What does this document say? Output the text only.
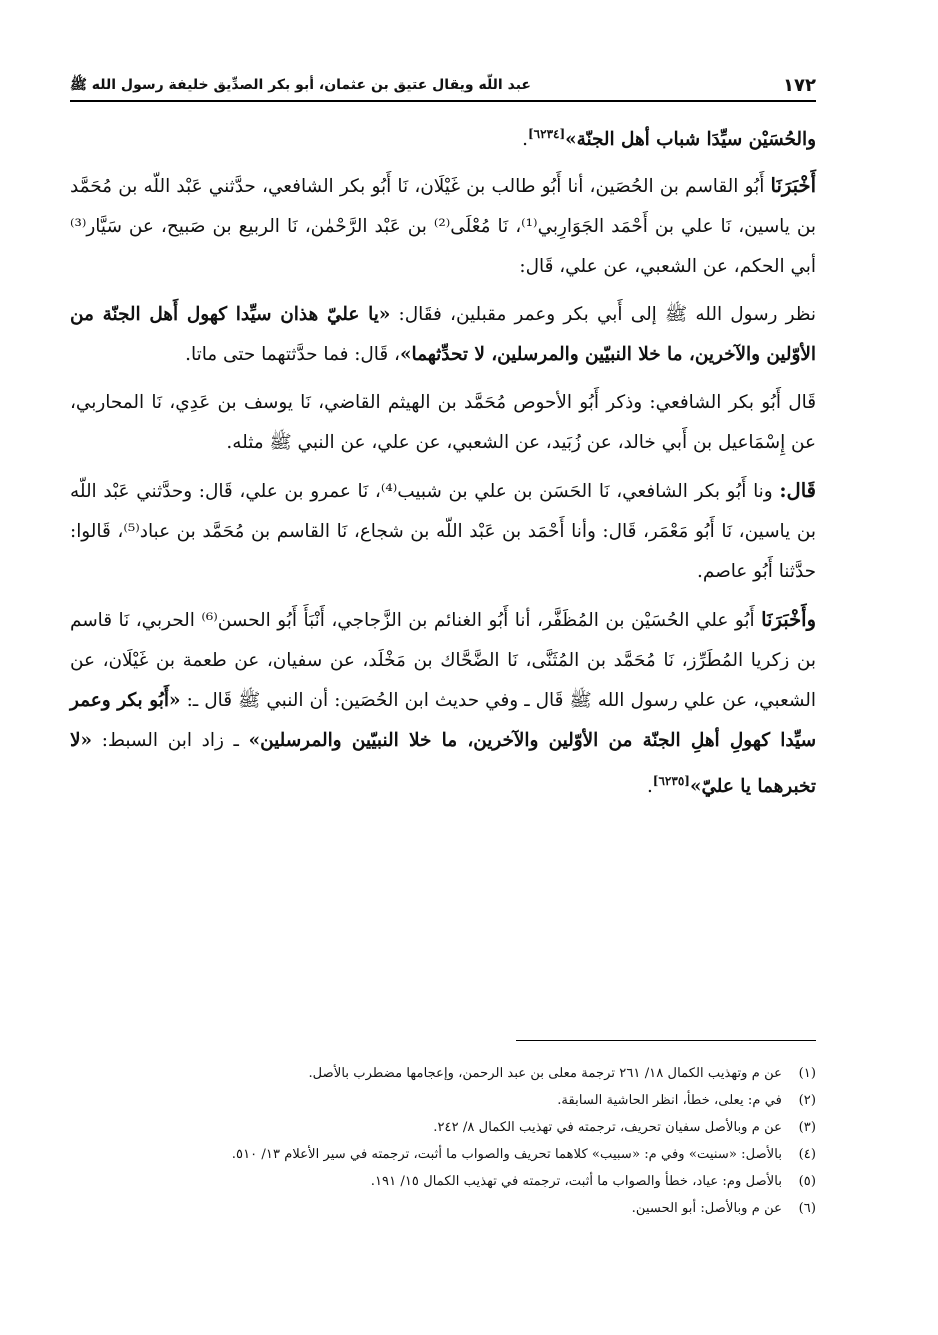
١٧٢
عبد اللّه ويقال عتيق بن عثمان، أبو بكر الصدِّيق خليفة رسول الله ﷺ

والحُسَيْن سيِّدَا شباب أهل الجنّة»[٦٢٣٤].

أَخْبَرَنَا أَبُو القاسم بن الحُصَين، أنا أَبُو طالب بن غَيْلَان، نَا أَبُو بكر الشافعي، حدَّثني عَبْد اللّه بن مُحَمَّد بن ياسين، نَا علي بن أَحْمَد الجَوَارِبي⁽¹⁾، نَا مُعْلَى⁽²⁾ بن عَبْد الرَّحْمٰن، نَا الربيع بن صَبيح، عن سَيَّار⁽³⁾ أبي الحكم، عن الشعبي، عن علي، قَال:

نظر رسول الله ﷺ إلى أَبي بكر وعمر مقبلين، فقَال: «يا عليّ هذان سيِّدا كهول أَهل الجنّة من الأوّلين والآخرين، ما خلا النبيّين والمرسلين، لا تحدِّثهما»، قَال: فما حدَّثتهما حتى ماتا.

قَال أَبُو بكر الشافعي: وذكر أَبُو الأحوص مُحَمَّد بن الهيثم القاضي، نَا يوسف بن عَدِي، نَا المحاربي، عن إِسْمَاعيل بن أَبي خالد، عن زُبَيد، عن الشعبي، عن علي، عن النبي ﷺ مثله.

قَال: ونا أَبُو بكر الشافعي، نَا الحَسَن بن علي بن شبيب⁽⁴⁾، نَا عمرو بن علي، قَال: وحدَّثني عَبْد اللّه بن ياسين، نَا أَبُو مَعْمَر، قَال: وأنا أَحْمَد بن عَبْد اللّه بن شجاع، نَا القاسم بن مُحَمَّد بن عباد⁽⁵⁾، قَالوا: حدَّثنا أَبُو عاصم.

وأَخْبَرَنَا أَبُو علي الحُسَيْن بن المُظَفَّر، أنا أَبُو الغنائم بن الزَّجاجي، أَنْبَأَ أَبُو الحسن⁽⁶⁾ الحربي، نَا قاسم بن زكريا المُطَرِّز، نَا مُحَمَّد بن المُثَنَّى، نَا الضَّحَّاك بن مَخْلَد، عن سفيان، عن طعمة بن غَيْلَان، عن الشعبي، عن علي رسول الله ﷺ قَال ـ وفي حديث ابن الحُصَين: أن النبي ﷺ قَال ـ: «أَبُو بكر وعمر سيِّدا كهولِ أهلِ الجنّة من الأوّلين والآخرين، ما خلا النبيّين والمرسلين» ـ زاد ابن السبط: «لا تخبرهما يا عليّ»[٦٢٣٥].

(١)
عن م وتهذيب الكمال ١٨/ ٢٦١ ترجمة معلى بن عبد الرحمن، وإعجامها مضطرب بالأصل.
(٢)
في م: يعلى، خطأ، انظر الحاشية السابقة.
(٣)
عن م وبالأصل سفيان تحريف، ترجمته في تهذيب الكمال ٨/ ٢٤٢.
(٤)
بالأصل: «سنيت» وفي م: «سبيب» كلاهما تحريف والصواب ما أثبت، ترجمته في سير الأعلام ١٣/ ٥١٠.
(٥)
بالأصل وم: عياد، خطأ والصواب ما أثبت، ترجمته في تهذيب الكمال ١٥/ ١٩١.
(٦)
عن م وبالأصل: أبو الحسين.
